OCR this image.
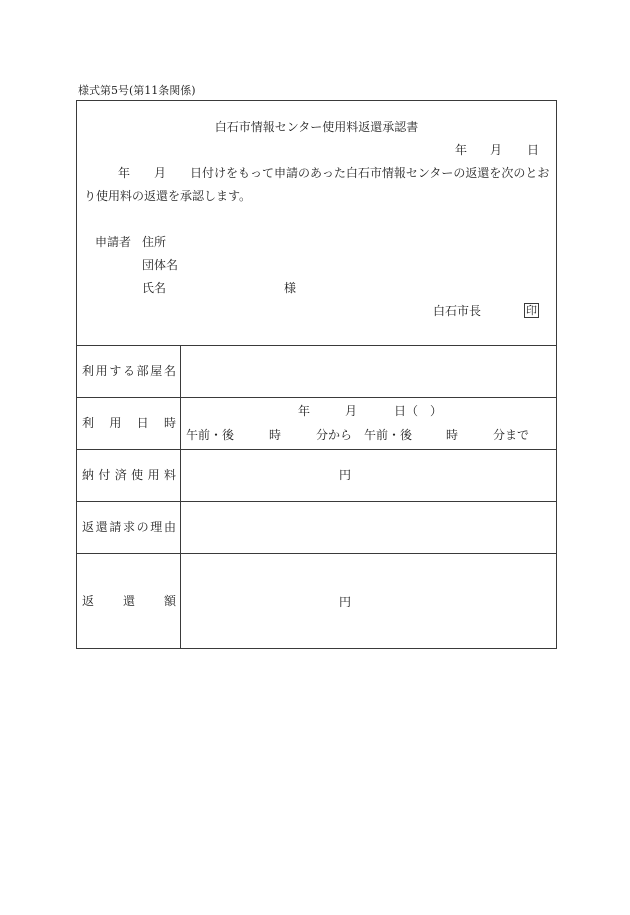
様式第5号(第11条関係)
白石市情報センター使用料返還承認書
年 月 日
年 月 日付けをもって申請のあった白石市情報センターの返還を次のとお
り使用料の返還を承認します。
申請者 住所
団体名
氏名	様
白石市長	印
利 用 す る 部 屋 名
利 用 日 時
年	月	日（　）
午前・後	時	分から 午前・後	時	分まで
納 付 済 使 用 料	円
返 還 請 求 の 理 由
返 還 額	円
